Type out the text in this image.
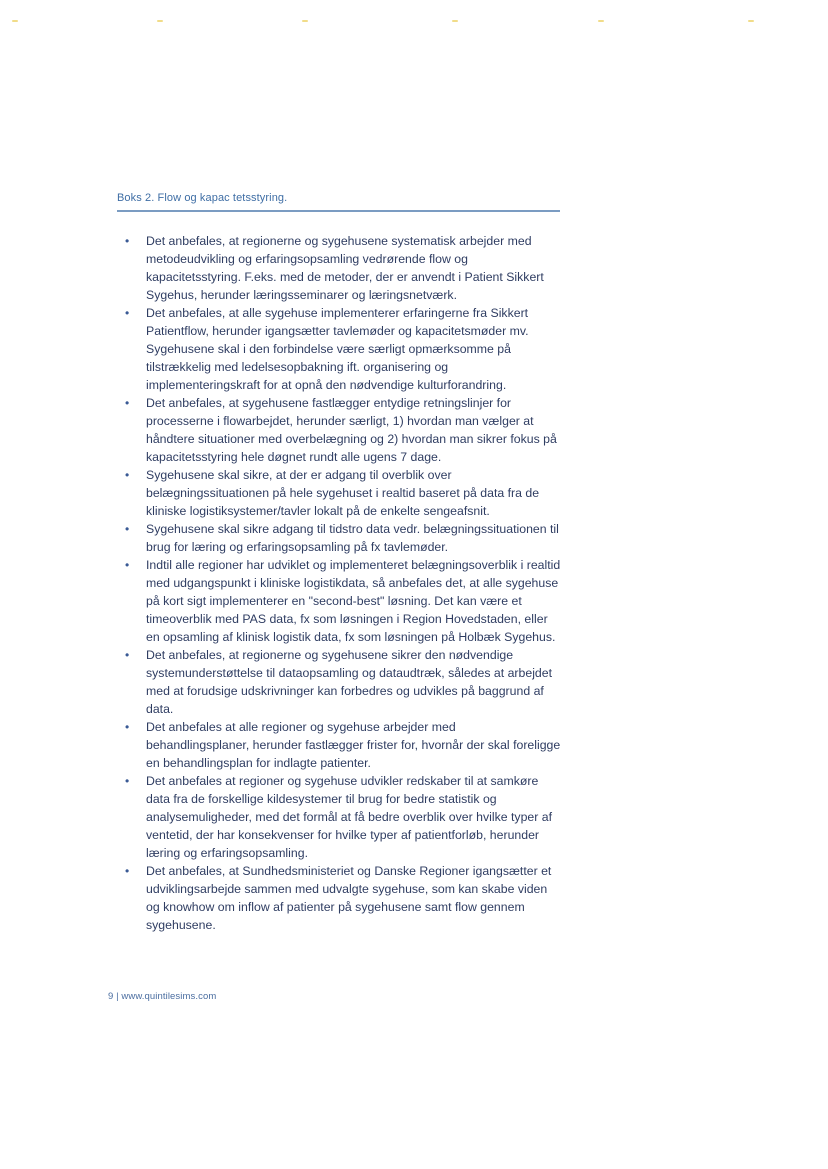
Boks 2. Flow og kapac tetsstyring.
• Det anbefales, at regionerne og sygehusene systematisk arbejder med metodeudvikling og erfaringsopsamling vedrørende flow og kapacitetsstyring. F.eks. med de metoder, der er anvendt i Patient Sikkert Sygehus, herunder læringsseminarer og læringsnetværk.
• Det anbefales, at alle sygehuse implementerer erfaringerne fra Sikkert Patientflow, herunder igangsætter tavlemøder og kapacitetsmøder mv. Sygehusene skal i den forbindelse være særligt opmærksomme på tilstrækkelig med ledelsesopbakning ift. organisering og implementeringskraft for at opnå den nødvendige kulturforandring.
• Det anbefales, at sygehusene fastlægger entydige retningslinjer for processerne i flowarbejdet, herunder særligt, 1) hvordan man vælger at håndtere situationer med overbelægning og 2) hvordan man sikrer fokus på kapacitetsstyring hele døgnet rundt alle ugens 7 dage.
• Sygehusene skal sikre, at der er adgang til overblik over belægningssituationen på hele sygehuset i realtid baseret på data fra de kliniske logistiksystemer/tavler lokalt på de enkelte sengeafsnit.
• Sygehusene skal sikre adgang til tidstro data vedr. belægningssituationen til brug for læring og erfaringsopsamling på fx tavlemøder.
• Indtil alle regioner har udviklet og implementeret belægningsoverblik i realtid med udgangspunkt i kliniske logistikdata, så anbefales det, at alle sygehuse på kort sigt implementerer en "second-best" løsning. Det kan være et timeoverblik med PAS data, fx som løsningen i Region Hovedstaden, eller en opsamling af klinisk logistik data, fx som løsningen på Holbæk Sygehus.
• Det anbefales, at regionerne og sygehusene sikrer den nødvendige systemunderstøttelse til dataopsamling og dataudtræk, således at arbejdet med at forudsige udskrivninger kan forbedres og udvikles på baggrund af data.
• Det anbefales at alle regioner og sygehuse arbejder med behandlingsplaner, herunder fastlægger frister for, hvornår der skal foreligge en behandlingsplan for indlagte patienter.
• Det anbefales at regioner og sygehuse udvikler redskaber til at samkøre data fra de forskellige kildesystemer til brug for bedre statistik og analysemuligheder, med det formål at få bedre overblik over hvilke typer af ventetid, der har konsekvenser for hvilke typer af patientforløb, herunder læring og erfaringsopsamling.
• Det anbefales, at Sundhedsministeriet og Danske Regioner igangsætter et udviklingsarbejde sammen med udvalgte sygehuse, som kan skabe viden og knowhow om inflow af patienter på sygehusene samt flow gennem sygehusene.
9 | www.quintilesims.com
